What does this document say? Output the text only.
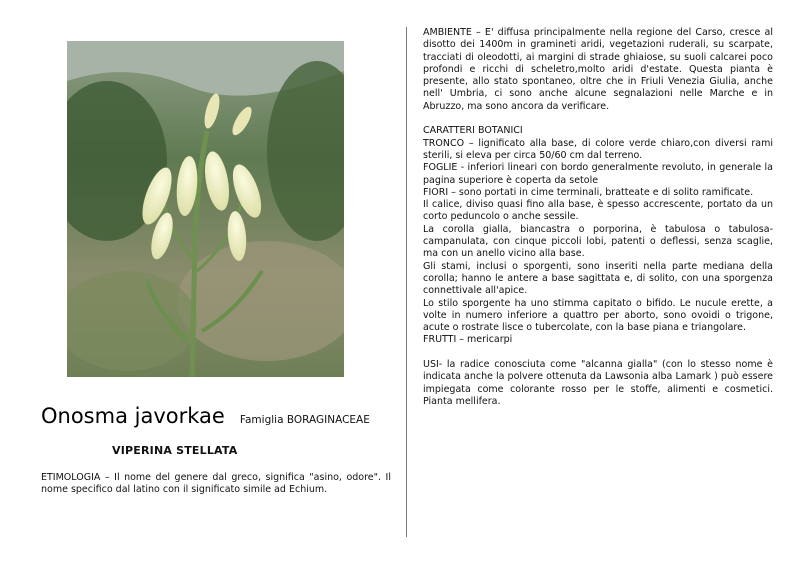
Onosma javorkae Famiglia BORAGINACEAE
VIPERINA STELLATA
ETIMOLOGIA – Il nome del genere dal greco, significa "asino, odore". Il nome specifico dal latino con il significato simile ad Echium.

AMBIENTE – E' diffusa principalmente nella regione del Carso, cresce al disotto dei 1400m in gramineti aridi, vegetazioni ruderali, su scarpate, tracciati di oleodotti, ai margini di strade ghiaiose, su suoli calcarei poco profondi e ricchi di scheletro,molto aridi d'estate. Questa pianta è presente, allo stato spontaneo, oltre che in Friuli Venezia Giulia, anche nell' Umbria, ci sono anche alcune segnalazioni nelle Marche e in Abruzzo, ma sono ancora da verificare.

CARATTERI BOTANICI

TRONCO – lignificato alla base, di colore verde chiaro,con diversi rami sterili, si eleva per circa 50/60 cm dal terreno.

FOGLIE - inferiori lineari con bordo generalmente revoluto, in generale la pagina superiore è coperta da setole

FIORI – sono portati in cime terminali, bratteate e di solito ramificate.

Il calice, diviso quasi fino alla base, è spesso accrescente, portato da un corto peduncolo o anche sessile.

La corolla gialla, biancastra o porporina, è tabulosa o tabulosa-campanulata, con cinque piccoli lobi, patenti o deflessi, senza scaglie, ma con un anello vicino alla base.

Gli stami, inclusi o sporgenti, sono inseriti nella parte mediana della corolla; hanno le antere a base sagittata e, di solito, con una sporgenza connettivale all'apice.

Lo stilo sporgente ha uno stimma capitato o bifido. Le nucule erette, a volte in numero inferiore a quattro per aborto, sono ovoidi o trigone, acute o rostrate lisce o tubercolate, con la base piana e triangolare.

FRUTTI – mericarpi

USI- la radice conosciuta come "alcanna gialla" (con lo stesso nome è indicata anche la polvere ottenuta da Lawsonia alba Lamark ) può essere impiegata come colorante rosso per le stoffe, alimenti e cosmetici. Pianta mellifera.
